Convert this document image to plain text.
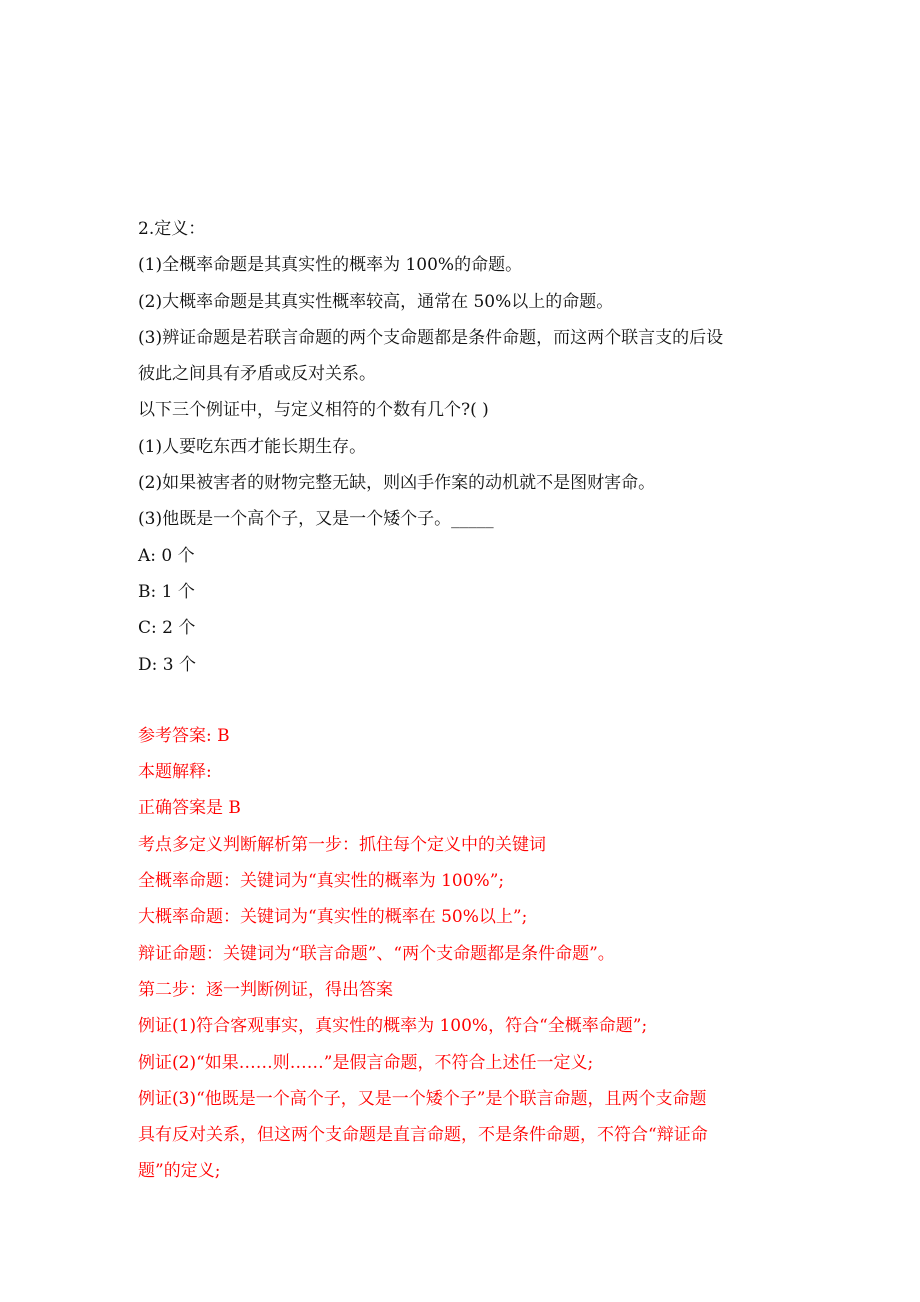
2.定义：
(1)全概率命题是其真实性的概率为 100%的命题。
(2)大概率命题是其真实性概率较高，通常在 50%以上的命题。
(3)辨证命题是若联言命题的两个支命题都是条件命题，而这两个联言支的后设
彼此之间具有矛盾或反对关系。
以下三个例证中，与定义相符的个数有几个?( )
(1)人要吃东西才能长期生存。
(2)如果被害者的财物完整无缺，则凶手作案的动机就不是图财害命。
(3)他既是一个高个子，又是一个矮个子。_____
A: 0 个
B: 1 个
C: 2 个
D: 3 个
参考答案: B
本题解释:
正确答案是 B
考点多定义判断解析第一步：抓住每个定义中的关键词
全概率命题：关键词为“真实性的概率为 100%”;
大概率命题：关键词为“真实性的概率在 50%以上”;
辩证命题：关键词为“联言命题”、“两个支命题都是条件命题”。
第二步：逐一判断例证，得出答案
例证(1)符合客观事实，真实性的概率为 100%，符合“全概率命题”;
例证(2)“如果……则……”是假言命题，不符合上述任一定义;
例证(3)“他既是一个高个子，又是一个矮个子”是个联言命题，且两个支命题
具有反对关系，但这两个支命题是直言命题，不是条件命题，不符合“辩证命
题”的定义;
